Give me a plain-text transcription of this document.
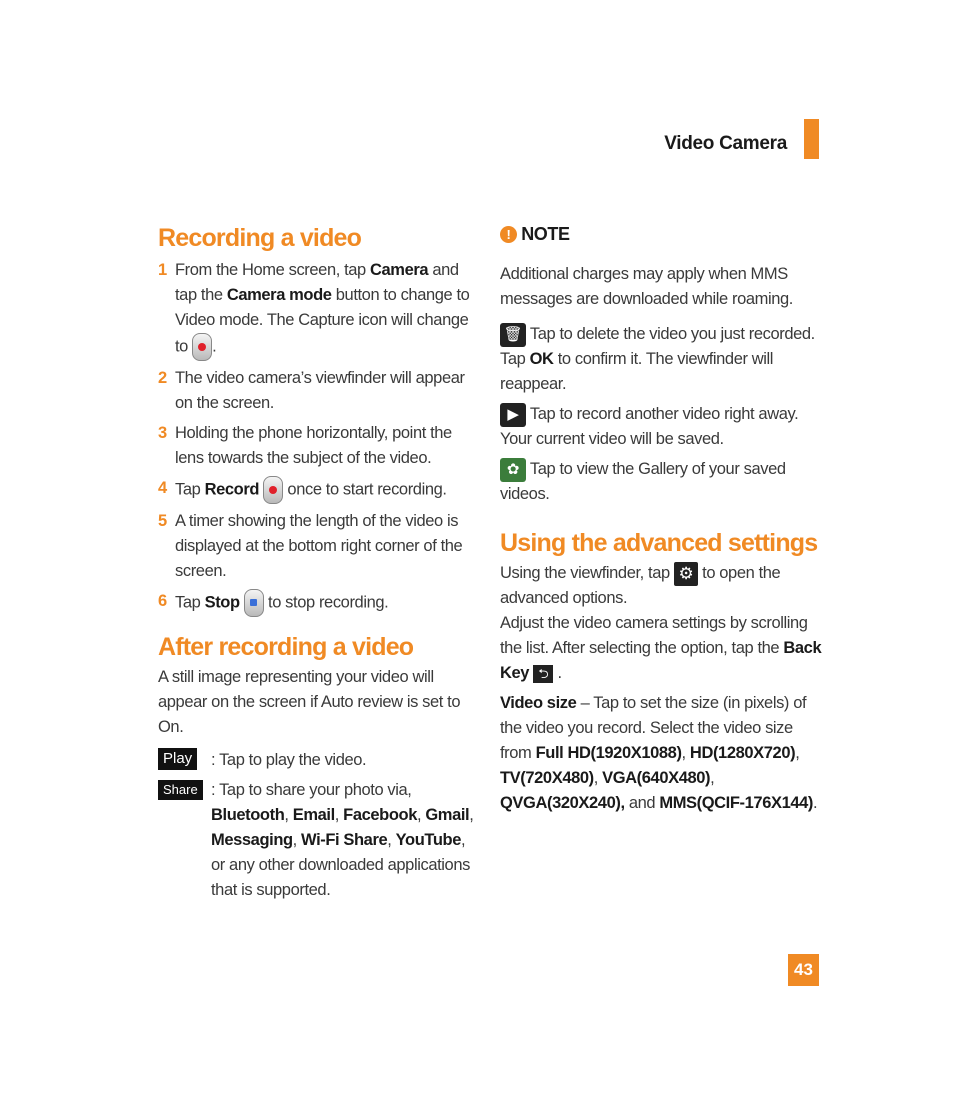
Video Camera
Recording a video
1 From the Home screen, tap Camera and tap the Camera mode button to change to Video mode. The Capture icon will change to .
2 The video camera’s viewfinder will appear on the screen.
3 Holding the phone horizontally, point the lens towards the subject of the video.
4 Tap Record  once to start recording.
5 A timer showing the length of the video is displayed at the bottom right corner of the screen.
6 Tap Stop  to stop recording.
After recording a video

A still image representing your video will appear on the screen if Auto review is set to On.

Play	: Tap to play the video.
Share : Tap to share your photo via,
Bluetooth, Email, Facebook, Gmail, Messaging, Wi-Fi Share, YouTube, or any other downloaded applications that is supported.
! NOTE

Additional charges may apply when MMS messages are downloaded while roaming.

🗑 Tap to delete the video you just recorded. Tap OK to confirm it. The viewfinder will reappear.

▶ Tap to record another video right away. Your current video will be saved.

✿ Tap to view the Gallery of your saved videos.

Using the advanced settings

Using the viewfinder, tap ⚙ to open the advanced options.

Adjust the video camera settings by scrolling the list. After selecting the option, tap the Back Key ⮌ .

Video size – Tap to set the size (in pixels) of the video you record. Select the video size from Full HD(1920X1088), HD(1280X720), TV(720X480), VGA(640X480), QVGA(320X240), and MMS(QCIF-176X144).

43
